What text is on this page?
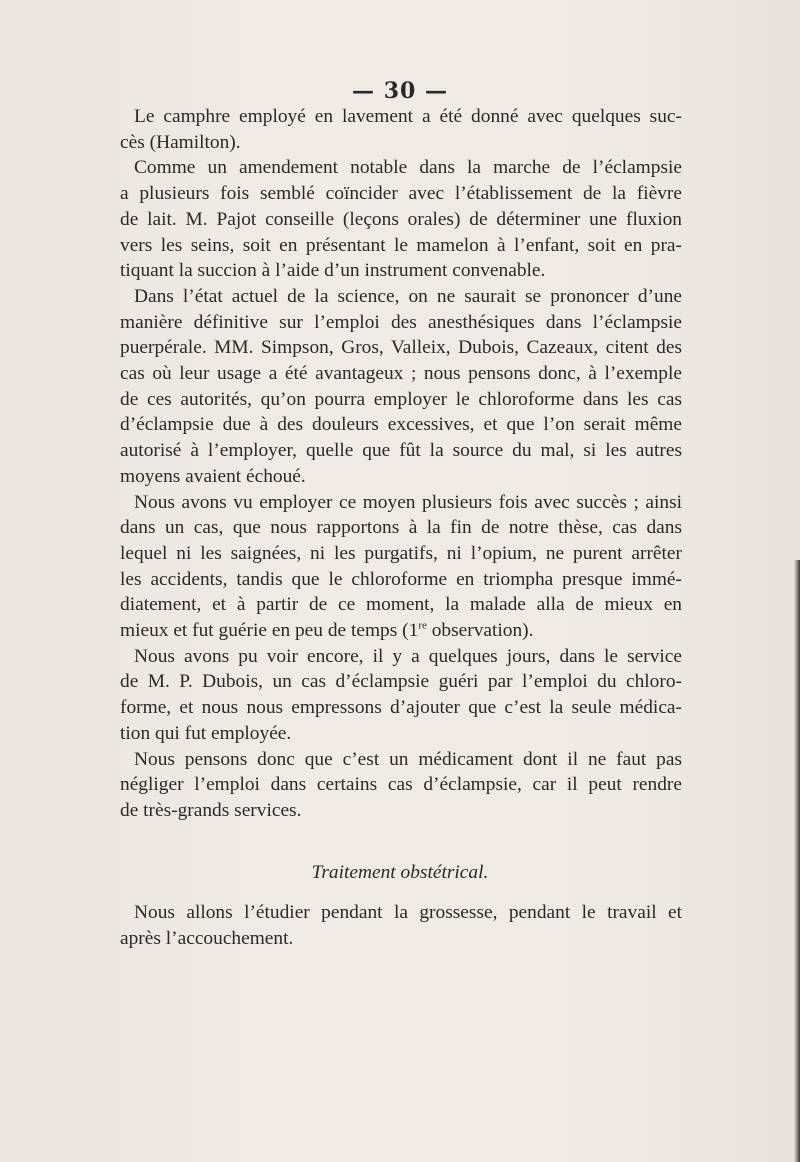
— 30 —
Le camphre employé en lavement a été donné avec quelques suc-
cès (Hamilton).
Comme un amendement notable dans la marche de l’éclampsie
a plusieurs fois semblé coïncider avec l’établissement de la fièvre
de lait. M. Pajot conseille (leçons orales) de déterminer une fluxion
vers les seins, soit en présentant le mamelon à l’enfant, soit en pra-
tiquant la succion à l’aide d’un instrument convenable.
Dans l’état actuel de la science, on ne saurait se prononcer d’une
manière définitive sur l’emploi des anesthésiques dans l’éclampsie
puerpérale. MM. Simpson, Gros, Valleix, Dubois, Cazeaux, citent des
cas où leur usage a été avantageux ; nous pensons donc, à l’exemple
de ces autorités, qu’on pourra employer le chloroforme dans les cas
d’éclampsie due à des douleurs excessives, et que l’on serait même
autorisé à l’employer, quelle que fût la source du mal, si les autres
moyens avaient échoué.
Nous avons vu employer ce moyen plusieurs fois avec succès ; ainsi
dans un cas, que nous rapportons à la fin de notre thèse, cas dans
lequel ni les saignées, ni les purgatifs, ni l’opium, ne purent arrêter
les accidents, tandis que le chloroforme en triompha presque immé-
diatement, et à partir de ce moment, la malade alla de mieux en
mieux et fut guérie en peu de temps (1re observation).
Nous avons pu voir encore, il y a quelques jours, dans le service
de M. P. Dubois, un cas d’éclampsie guéri par l’emploi du chloro-
forme, et nous nous empressons d’ajouter que c’est la seule médica-
tion qui fut employée.
Nous pensons donc que c’est un médicament dont il ne faut pas
négliger l’emploi dans certains cas d’éclampsie, car il peut rendre
de très-grands services.
Traitement obstétrical.
Nous allons l’étudier pendant la grossesse, pendant le travail et
après l’accouchement.
